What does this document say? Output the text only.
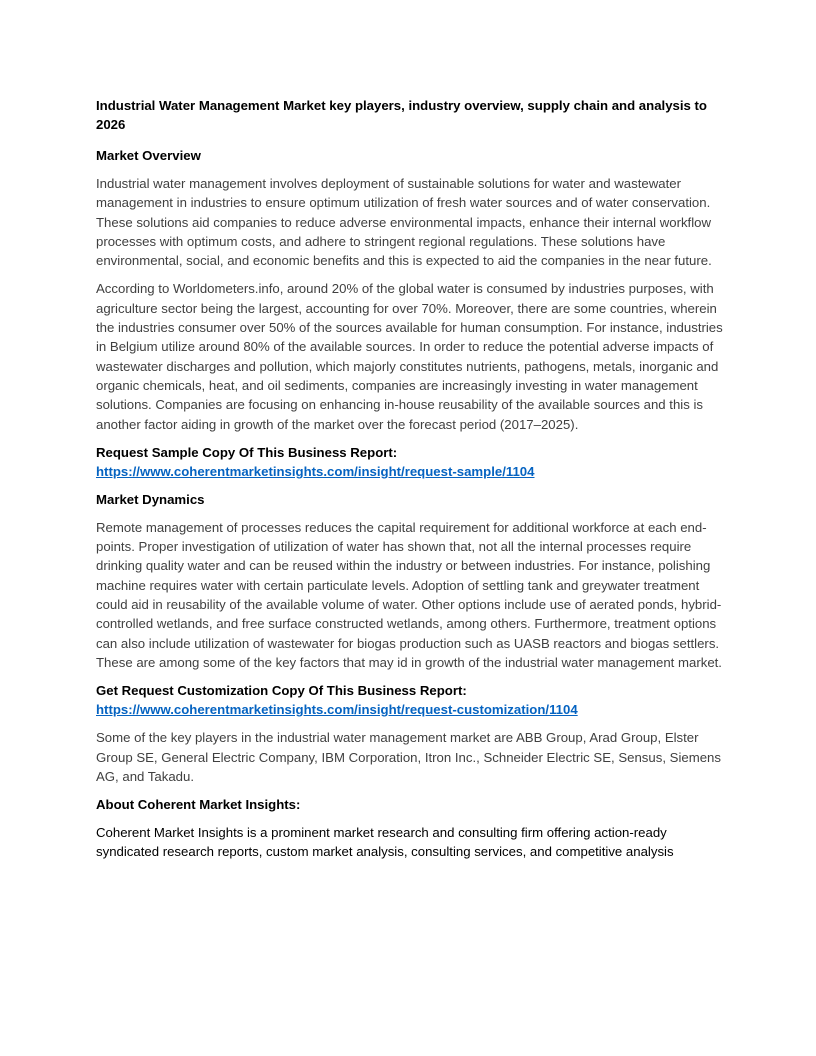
Industrial Water Management Market key players, industry overview, supply chain and analysis to 2026
Market Overview

Industrial water management involves deployment of sustainable solutions for water and wastewater management in industries to ensure optimum utilization of fresh water sources and of water conservation. These solutions aid companies to reduce adverse environmental impacts, enhance their internal workflow processes with optimum costs, and adhere to stringent regional regulations. These solutions have environmental, social, and economic benefits and this is expected to aid the companies in the near future.

According to Worldometers.info, around 20% of the global water is consumed by industries purposes, with agriculture sector being the largest, accounting for over 70%. Moreover, there are some countries, wherein the industries consumer over 50% of the sources available for human consumption. For instance, industries in Belgium utilize around 80% of the available sources. In order to reduce the potential adverse impacts of wastewater discharges and pollution, which majorly constitutes nutrients, pathogens, metals, inorganic and organic chemicals, heat, and oil sediments, companies are increasingly investing in water management solutions. Companies are focusing on enhancing in-house reusability of the available sources and this is another factor aiding in growth of the market over the forecast period (2017–2025).

Request Sample Copy Of This Business Report:
https://www.coherentmarketinsights.com/insight/request-sample/1104
Market Dynamics

Remote management of processes reduces the capital requirement for additional workforce at each end-points. Proper investigation of utilization of water has shown that, not all the internal processes require drinking quality water and can be reused within the industry or between industries. For instance, polishing machine requires water with certain particulate levels. Adoption of settling tank and greywater treatment could aid in reusability of the available volume of water. Other options include use of aerated ponds, hybrid-controlled wetlands, and free surface constructed wetlands, among others. Furthermore, treatment options can also include utilization of wastewater for biogas production such as UASB reactors and biogas settlers. These are among some of the key factors that may id in growth of the industrial water management market.

Get Request Customization Copy Of This Business Report:
https://www.coherentmarketinsights.com/insight/request-customization/1104

Some of the key players in the industrial water management market are ABB Group, Arad Group, Elster Group SE, General Electric Company, IBM Corporation, Itron Inc., Schneider Electric SE, Sensus, Siemens AG, and Takadu.

About Coherent Market Insights:

Coherent Market Insights is a prominent market research and consulting firm offering action-ready syndicated research reports, custom market analysis, consulting services, and competitive analysis
